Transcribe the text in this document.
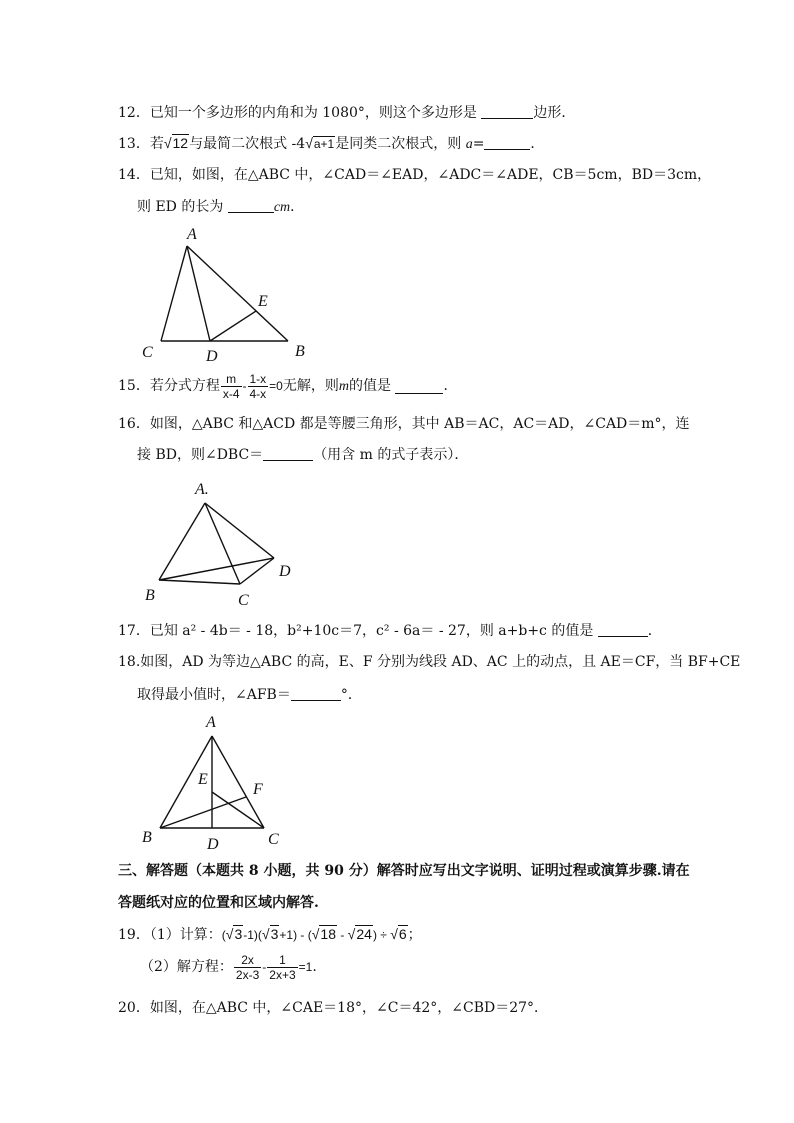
12．已知一个多边形的内角和为 1080°，则这个多边形是	边形．
13．若√12与最简二次根式 -4√a+1是同类二次根式，则 a=	．
14．已知，如图，在△ABC 中，∠CAD＝∠EAD，∠ADC＝∠ADE，CB＝5cm，BD＝3cm，
则 ED 的长为	cm．
A
C	D	B
E
15．若分式方程 $\frac{m}{x-4} - \frac{1-x}{4-x} =0$无解，则m的值是	．
16．如图，△ABC 和△ACD 都是等腰三角形，其中 AB＝AC，AC＝AD，∠CAD＝m°，连
接 BD，则∠DBC＝	（用含 m 的式子表示）．
A.
B	C
D
17．已知 a² - 4b＝ - 18，b²+10c＝7，c² - 6a＝ - 27，则 a+b+c 的值是	．
18.如图，AD 为等边△ABC 的高，E、F 分别为线段 AD、AC 上的动点，且 AE＝CF，当 BF+CE
取得最小值时，∠AFB＝	°．
A
B	D	C
E
F
三、解答题（本题共 8 小题，共 90 分）解答时应写出文字说明、证明过程或演算步骤.请在
答题纸对应的位置和区域内解答.
19．（1）计算：(√3-1)(√3+1) - (√18 - √24) ÷ √6；
（2）解方程： $\frac{2x}{2x-3} - \frac{1}{2x+3} =1$.
20．如图，在△ABC 中，∠CAE＝18°，∠C＝42°，∠CBD＝27°．
